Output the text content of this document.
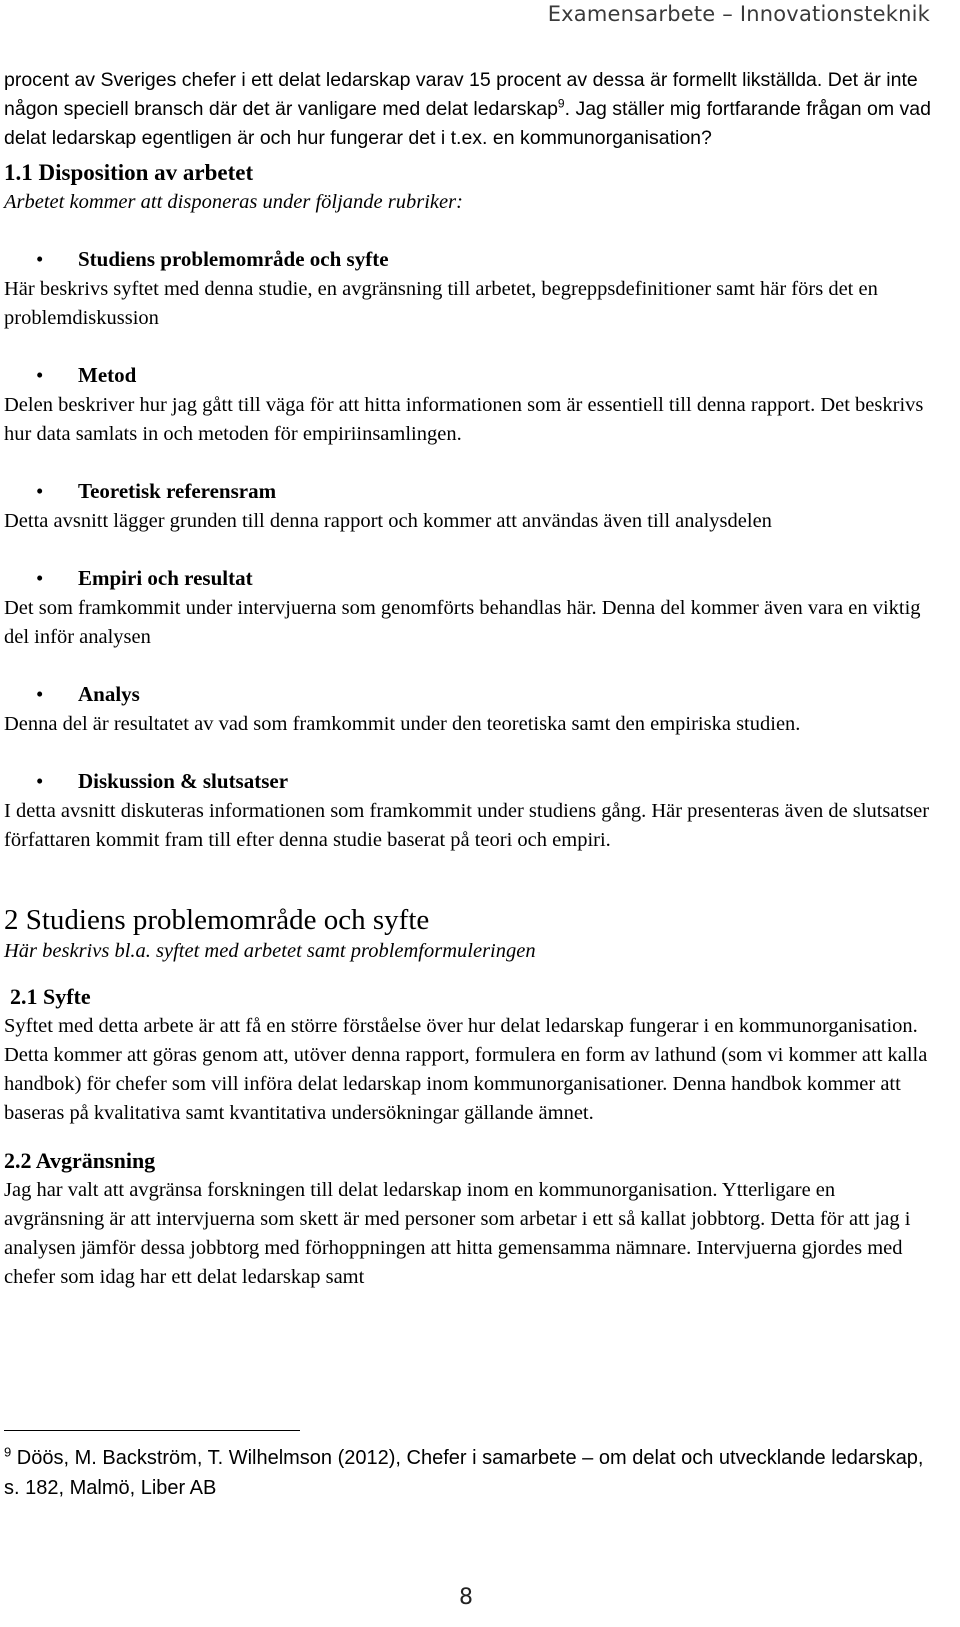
Examensarbete – Innovationsteknik

procent av Sveriges chefer i ett delat ledarskap varav 15 procent av dessa är formellt likställda. Det är inte någon speciell bransch där det är vanligare med delat ledarskap$^9$. Jag ställer mig fortfarande frågan om vad delat ledarskap egentligen är och hur fungerar det i t.ex. en kommunorganisation?

1.1 Disposition av arbetet

Arbetet kommer att disponeras under följande rubriker:

• Studiens problemområde och syfte

Här beskrivs syftet med denna studie, en avgränsning till arbetet, begreppsdefinitioner samt här förs det en problemdiskussion

• Metod

Delen beskriver hur jag gått till väga för att hitta informationen som är essentiell till denna rapport. Det beskrivs hur data samlats in och metoden för empiriinsamlingen.

• Teoretisk referensram

Detta avsnitt lägger grunden till denna rapport och kommer att användas även till analysdelen

• Empiri och resultat

Det som framkommit under intervjuerna som genomförts behandlas här. Denna del kommer även vara en viktig del inför analysen

• Analys

Denna del är resultatet av vad som framkommit under den teoretiska samt den empiriska studien.

• Diskussion & slutsatser

I detta avsnitt diskuteras informationen som framkommit under studiens gång. Här presenteras även de slutsatser författaren kommit fram till efter denna studie baserat på teori och empiri.

2 Studiens problemområde och syfte

Här beskrivs bl.a. syftet med arbetet samt problemformuleringen

2.1 Syfte

Syftet med detta arbete är att få en större förståelse över hur delat ledarskap fungerar i en kommunorganisation. Detta kommer att göras genom att, utöver denna rapport, formulera en form av lathund (som vi kommer att kalla handbok) för chefer som vill införa delat ledarskap inom kommunorganisationer. Denna handbok kommer att baseras på kvalitativa samt kvantitativa undersökningar gällande ämnet.

2.2 Avgränsning

Jag har valt att avgränsa forskningen till delat ledarskap inom en kommunorganisation. Ytterligare en avgränsning är att intervjuerna som skett är med personer som arbetar i ett så kallat jobbtorg. Detta för att jag i analysen jämför dessa jobbtorg med förhoppningen att hitta gemensamma nämnare. Intervjuerna gjordes med chefer som idag har ett delat ledarskap samt

$^9$ Döös, M. Backström, T. Wilhelmson (2012), Chefer i samarbete – om delat och utvecklande ledarskap, s. 182, Malmö, Liber AB
8
